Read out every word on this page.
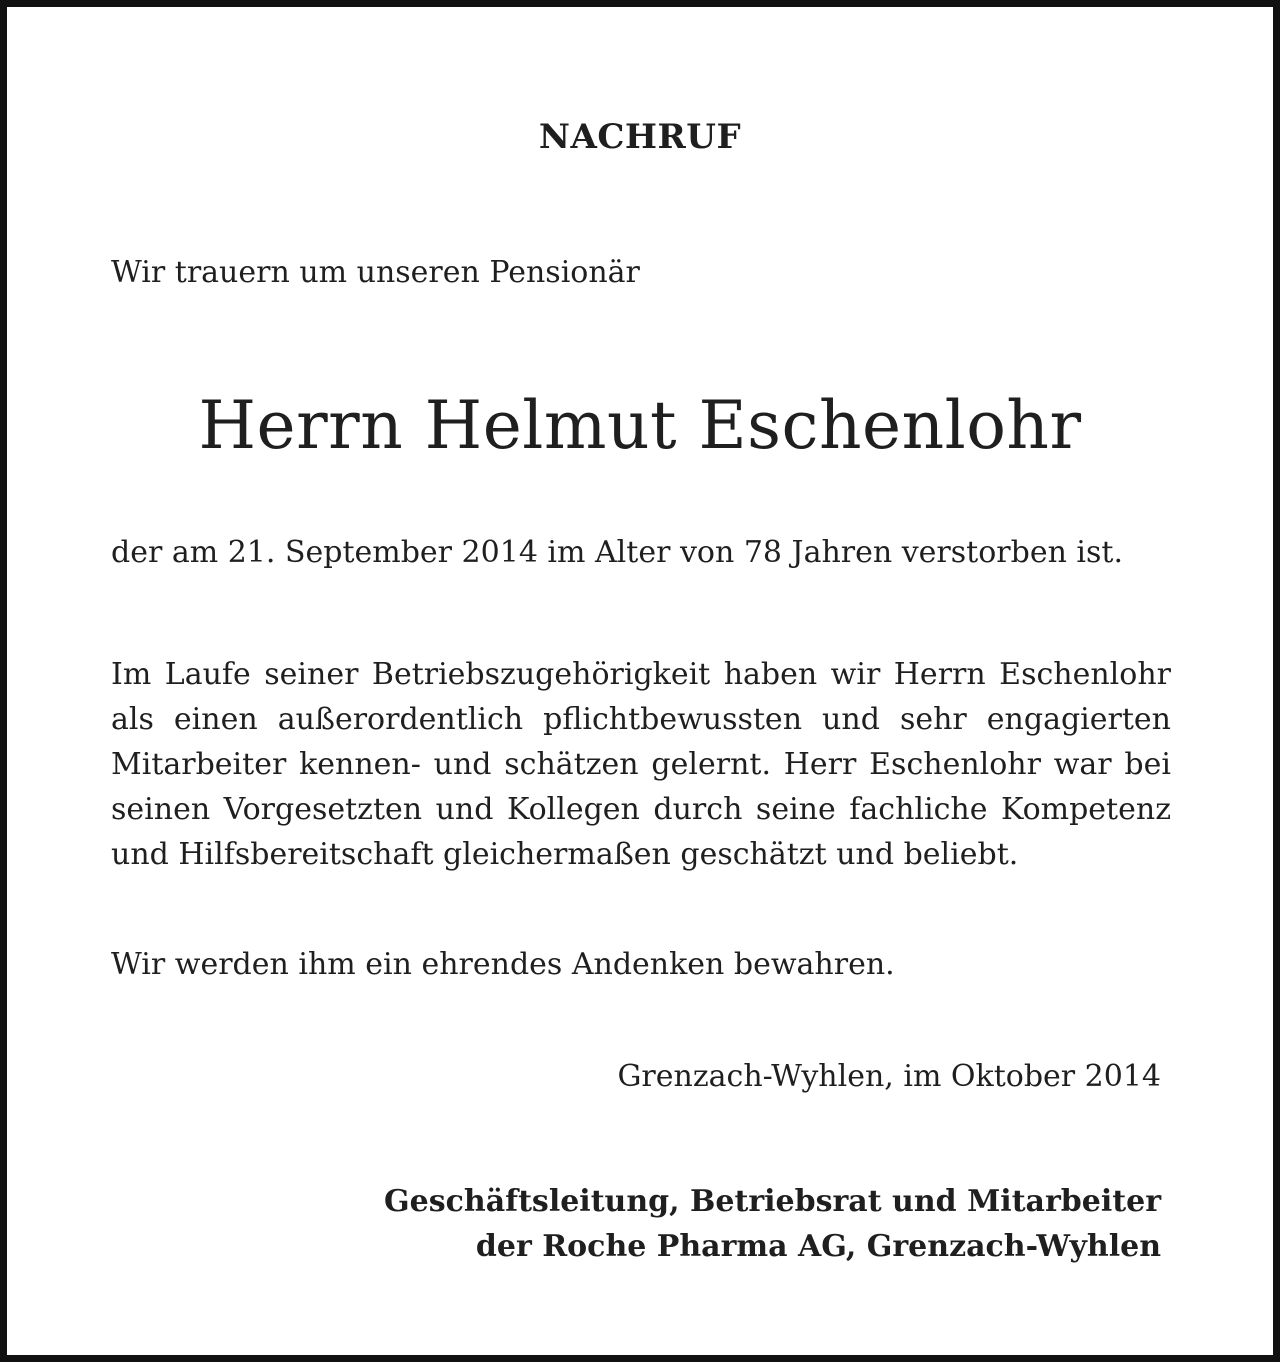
NACHRUF
Wir trauern um unseren Pensionär
Herrn Helmut Eschenlohr
der am 21. September 2014 im Alter von 78 Jahren verstorben ist.
Im Laufe seiner Betriebszugehörigkeit haben wir Herrn Eschenlohr als einen außerordentlich pflichtbewussten und sehr engagierten Mitarbeiter kennen- und schätzen gelernt. Herr Eschenlohr war bei seinen Vorgesetzten und Kollegen durch seine fachliche Kompetenz und Hilfsbereitschaft gleichermaßen geschätzt und beliebt.
Wir werden ihm ein ehrendes Andenken bewahren.
Grenzach-Wyhlen, im Oktober 2014
Geschäftsleitung, Betriebsrat und Mitarbeiter
der Roche Pharma AG, Grenzach-Wyhlen
